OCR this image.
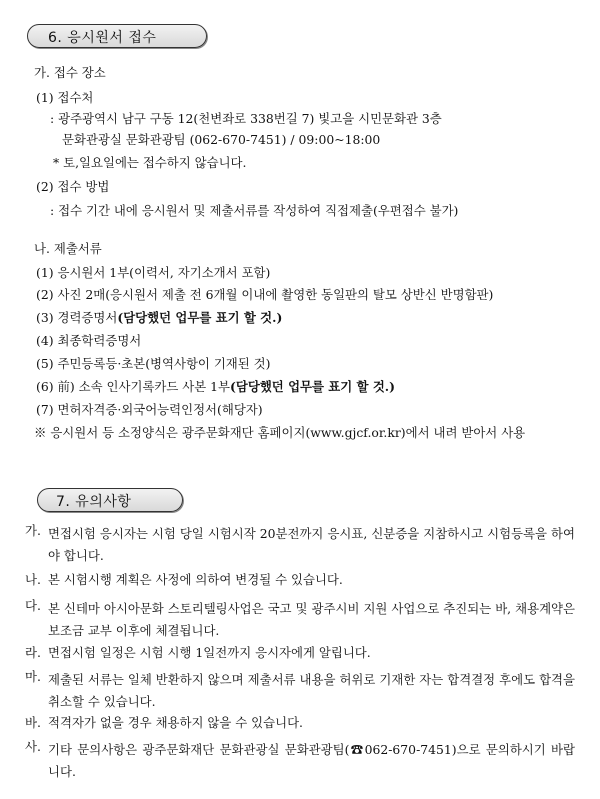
6. 응시원서 접수
가. 접수 장소
(1) 접수처
: 광주광역시 남구 구동 12(천변좌로 338번길 7) 빛고을 시민문화관 3층
문화관광실 문화관광팀 (062-670-7451) / 09:00~18:00
* 토,일요일에는 접수하지 않습니다.
(2) 접수 방법
: 접수 기간 내에 응시원서 및 제출서류를 작성하여 직접제출(우편접수 불가)
나. 제출서류
(1) 응시원서 1부(이력서, 자기소개서 포함)
(2) 사진 2매(응시원서 제출 전 6개월 이내에 촬영한 동일판의 탈모 상반신 반명함판)
(3) 경력증명서(담당했던 업무를 표기 할 것.)
(4) 최종학력증명서
(5) 주민등록등·초본(병역사항이 기재된 것)
(6) 前) 소속 인사기록카드 사본 1부(담당했던 업무를 표기 할 것.)
(7) 면허자격증·외국어능력인정서(해당자)
※ 응시원서 등 소정양식은 광주문화재단 홈페이지(www.gjcf.or.kr)에서 내려 받아서 사용
7. 유의사항
가. 면접시험 응시자는 시험 당일 시험시작 20분전까지 응시표, 신분증을 지참하시고 시험등록을 하여야 합니다.
나. 본 시험시행 계획은 사정에 의하여 변경될 수 있습니다.
다. 본 신테마 아시아문화 스토리텔링사업은 국고 및 광주시비 지원 사업으로 추진되는 바, 채용계약은 보조금 교부 이후에 체결됩니다.
라. 면접시험 일정은 시험 시행 1일전까지 응시자에게 알립니다.
마. 제출된 서류는 일체 반환하지 않으며 제출서류 내용을 허위로 기재한 자는 합격결정 후에도 합격을 취소할 수 있습니다.
바. 적격자가 없을 경우 채용하지 않을 수 있습니다.
사. 기타 문의사항은 광주문화재단 문화관광실 문화관광팀(☎062-670-7451)으로 문의하시기 바랍니다.
